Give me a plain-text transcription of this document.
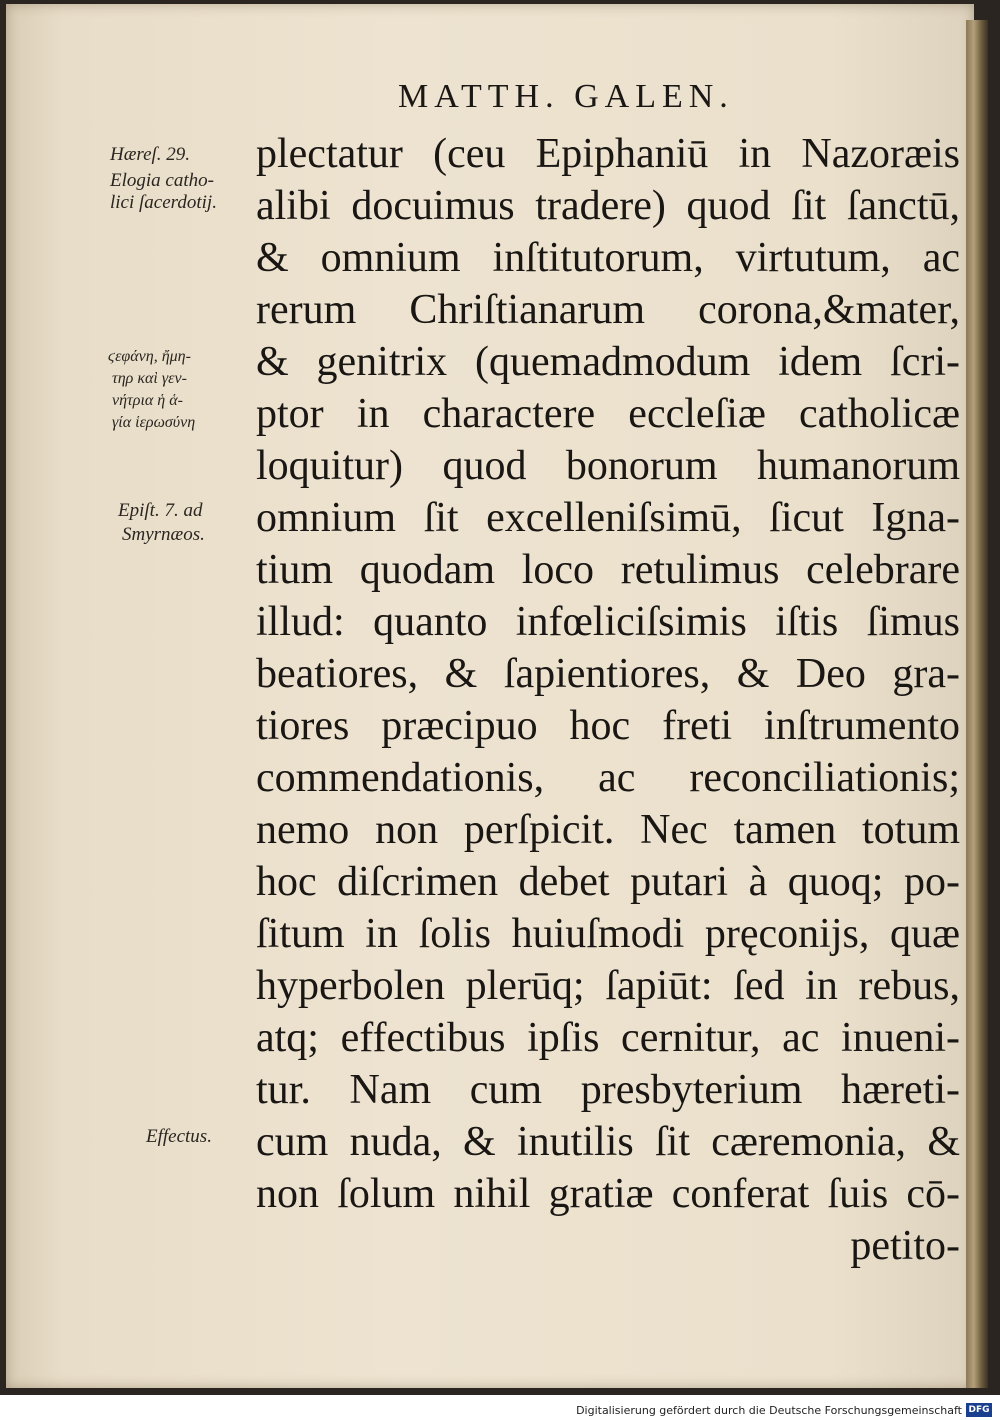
MATTH. GALEN.
plectatur (ceu Epiphaniū in Nazoræis
alibi docuimus tradere) quod ſit ſanctū,
& omnium inſtitutorum, virtutum, ac
rerum Chriſtianarum corona,&mater,
& genitrix (quemadmodum idem ſcri-
ptor in charactere eccleſiæ catholicæ
loquitur) quod bonorum humanorum
omnium ſit excelleniſsimū, ſicut Igna-
tium quodam loco retulimus celebrare
illud: quanto infœliciſsimis iſtis ſimus
beatiores, & ſapientiores, & Deo gra-
tiores præcipuo hoc freti inſtrumento
commendationis, ac reconciliationis;
nemo non perſpicit. Nec tamen totum
hoc diſcrimen debet putari à quoq; po-
ſitum in ſolis huiuſmodi pręconijs, quæ
hyperbolen plerūq; ſapiūt: ſed in rebus,
atq; effectibus ipſis cernitur, ac inueni-
tur. Nam cum presbyterium hæreti-
cum nuda, & inutilis ſit cæremonia, &
non ſolum nihil gratiæ conferat ſuis cō-
petito-
Hæreſ. 29.
Elogia catho-
lici ſacerdotij.
ϛεφάνη, ἤμη-
τηρ καὶ γεν-
νήτρια ἡ ἁ-
γία ἱερωσύνη
Epiſt. 7. ad
Smyrnæos.
Effectus.
Digitalisierung gefördert durch die Deutsche Forschungsgemeinschaft DFG
